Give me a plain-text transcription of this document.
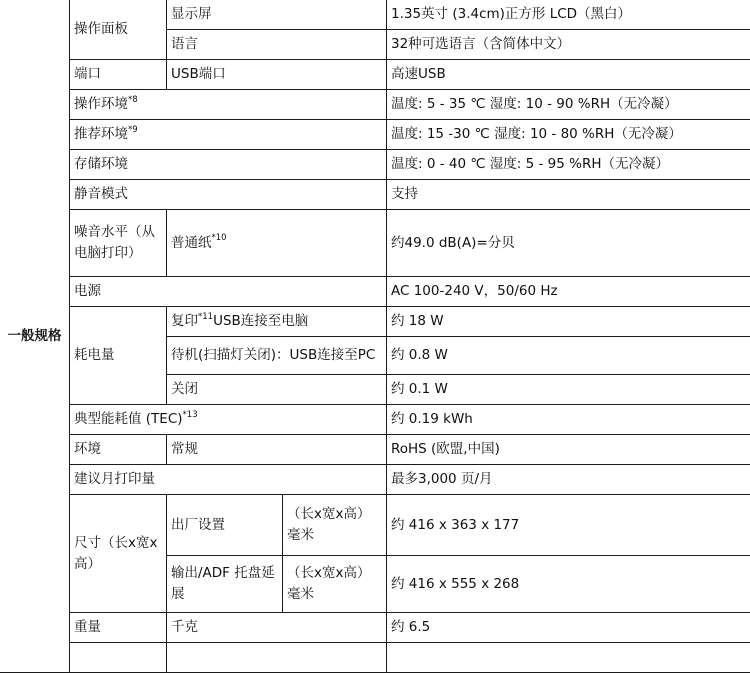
一般规格	操作面板	显示屏		1.35英寸 (3.4cm)正方形 LCD（黑白）
		语言		32种可选语言（含简体中文）
	端口	USB端口		高速USB
	操作环境$^{*8}$			温度: 5 - 35 ℃ 湿度: 10 - 90 %RH（无冷凝）
	推荐环境$^{*9}$			温度: 15 -30 ℃ 湿度: 10 - 80 %RH（无冷凝）
	存储环境			温度: 0 - 40 ℃ 湿度: 5 - 95 %RH（无冷凝）
	静音模式			支持
	噪音水平（从电脑打印）	普通纸$^{*10}$		约49.0 dB(A)=分贝
	电源			AC 100-240 V，50/60 Hz
	耗电量	复印$^{*11}$USB连接至电脑		约 18 W
		待机(扫描灯关闭)：USB连接至PC		约 0.8 W
		关闭		约 0.1 W
	典型能耗值 (TEC)$^{*13}$			约 0.19 kWh
	环境	常规		RoHS (欧盟,中国)
	建议月打印量			最多3,000 页/月
	尺寸（长x宽x高）	出厂设置	（长x宽x高）毫米	约 416 x 363 x 177
		输出/ADF 托盘延展	（长x宽x高）毫米	约 416 x 555 x 268
	重量	千克		约 6.5
